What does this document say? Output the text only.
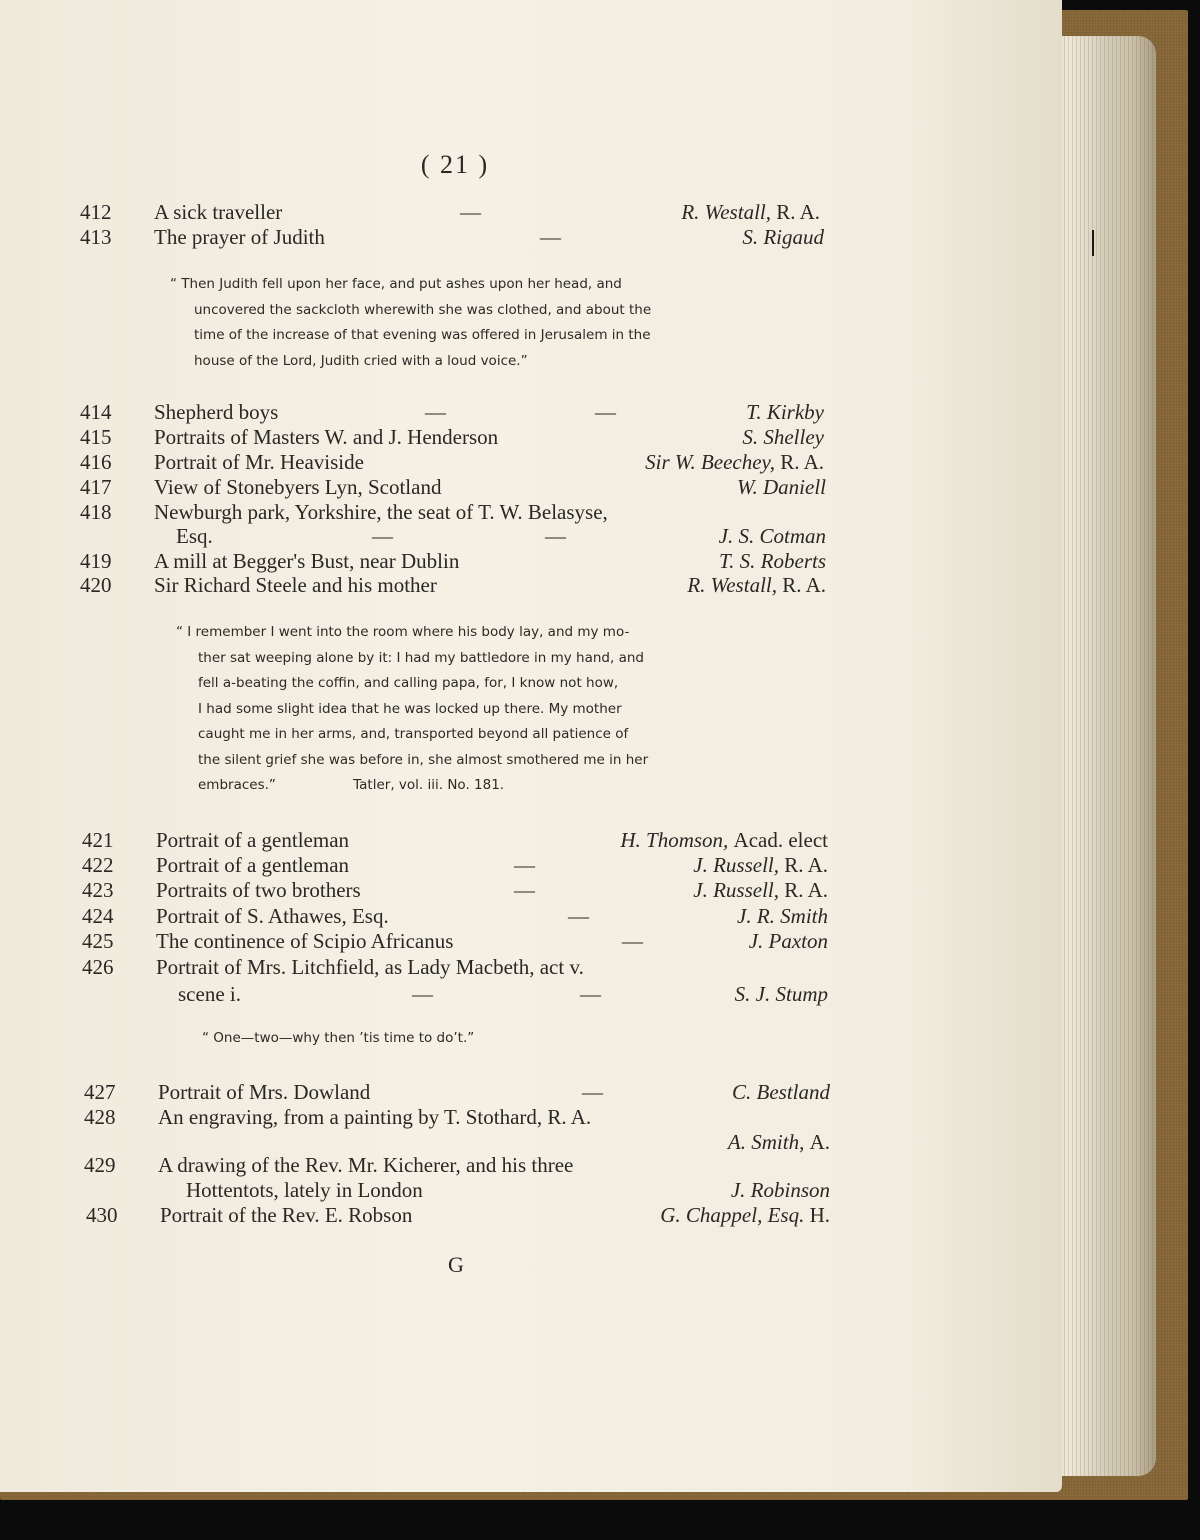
( 21 )
412 A sick traveller	—	R. Westall, R. A.
413 The prayer of Judith	—	S. Rigaud
“ Then Judith fell upon her face, and put ashes upon her head, and
uncovered the sackcloth wherewith she was clothed, and about the
time of the increase of that evening was offered in Jerusalem in the
house of the Lord, Judith cried with a loud voice.”
414 Shepherd boys	—	—	T. Kirkby
415 Portraits of Masters W. and J. Henderson	S. Shelley
416 Portrait of Mr. Heaviside	Sir W. Beechey, R. A.
417 View of Stonebyers Lyn, Scotland	W. Daniell
418 Newburgh park, Yorkshire, the seat of T. W. Belasyse,
Esq.	—	—	J. S. Cotman
419 A mill at Begger's Bust, near Dublin	T. S. Roberts
420 Sir Richard Steele and his mother	R. Westall, R. A.
“ I remember I went into the room where his body lay, and my mo-
ther sat weeping alone by it: I had my battledore in my hand, and
fell a-beating the coffin, and calling papa, for, I know not how,
I had some slight idea that he was locked up there. My mother
caught me in her arms, and, transported beyond all patience of
the silent grief she was before in, she almost smothered me in her
embraces.”                  Tatler, vol. iii. No. 181.
421 Portrait of a gentleman	H. Thomson, Acad. elect
422 Portrait of a gentleman	—	J. Russell, R. A.
423 Portraits of two brothers	—	J. Russell, R. A.
424 Portrait of S. Athawes, Esq.	—	J. R. Smith
425 The continence of Scipio Africanus	—	J. Paxton
426 Portrait of Mrs. Litchfield, as Lady Macbeth, act v.
scene i.	—	—	S. J. Stump
“ One—two—why then ’tis time to do’t.”
427 Portrait of Mrs. Dowland	—	C. Bestland
428 An engraving, from a painting by T. Stothard, R. A.
A. Smith, A.
429 A drawing of the Rev. Mr. Kicherer, and his three
Hottentots, lately in London	J. Robinson
430 Portrait of the Rev. E. Robson	G. Chappel, Esq. H.
G
